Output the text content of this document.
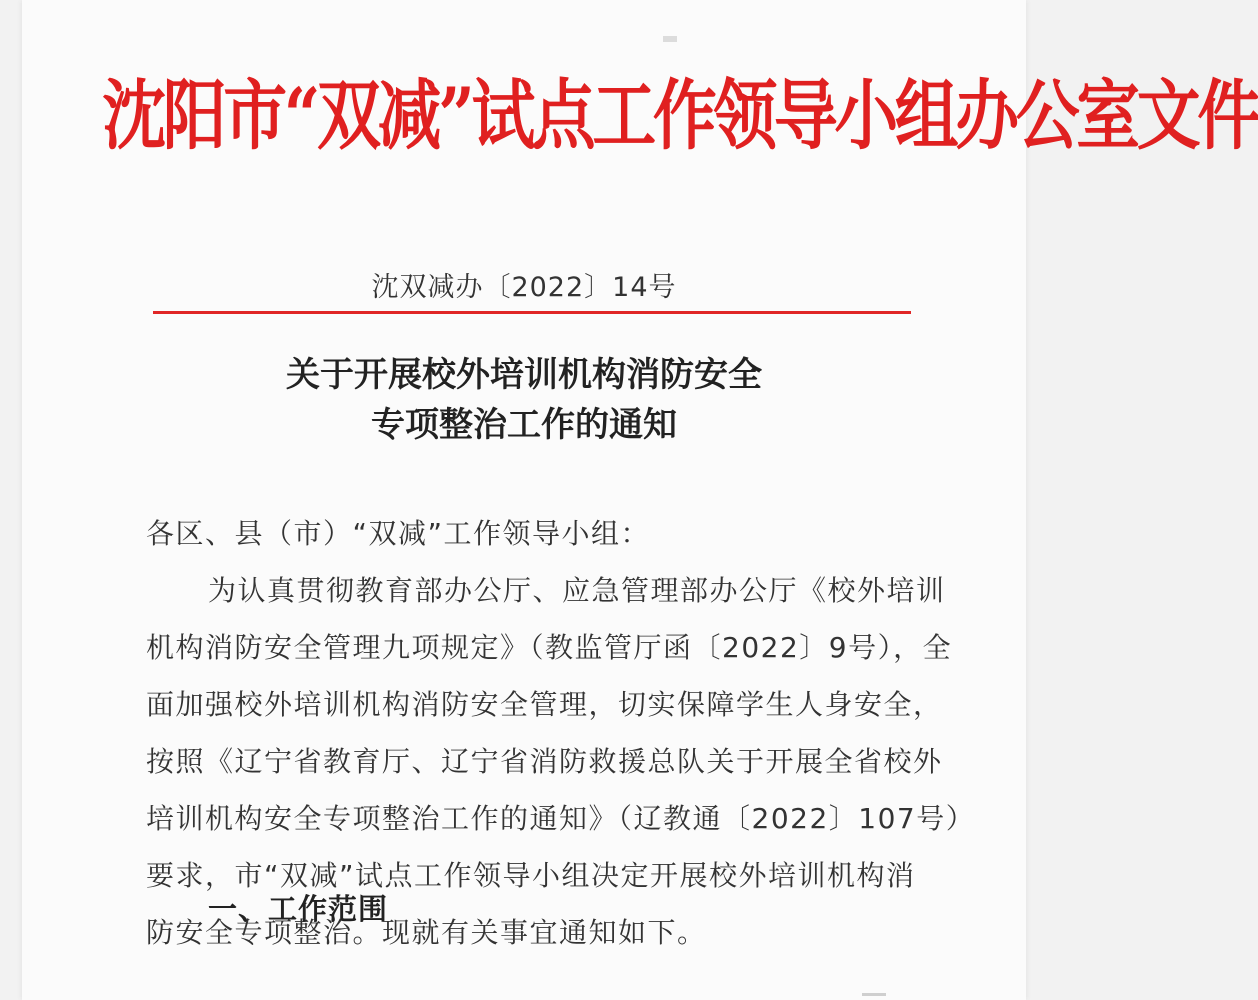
沈阳市“双减”试点工作领导小组办公室文件
沈双减办〔2022〕14号
关于开展校外培训机构消防安全
专项整治工作的通知
各区、县（市）“双减”工作领导小组：
为认真贯彻教育部办公厅、应急管理部办公厅《校外培训
机构消防安全管理九项规定》（教监管厅函〔2022〕9号），全
面加强校外培训机构消防安全管理，切实保障学生人身安全，
按照《辽宁省教育厅、辽宁省消防救援总队关于开展全省校外
培训机构安全专项整治工作的通知》（辽教通〔2022〕107号）
要求，市“双减”试点工作领导小组决定开展校外培训机构消
防安全专项整治。现就有关事宜通知如下。
一、工作范围
